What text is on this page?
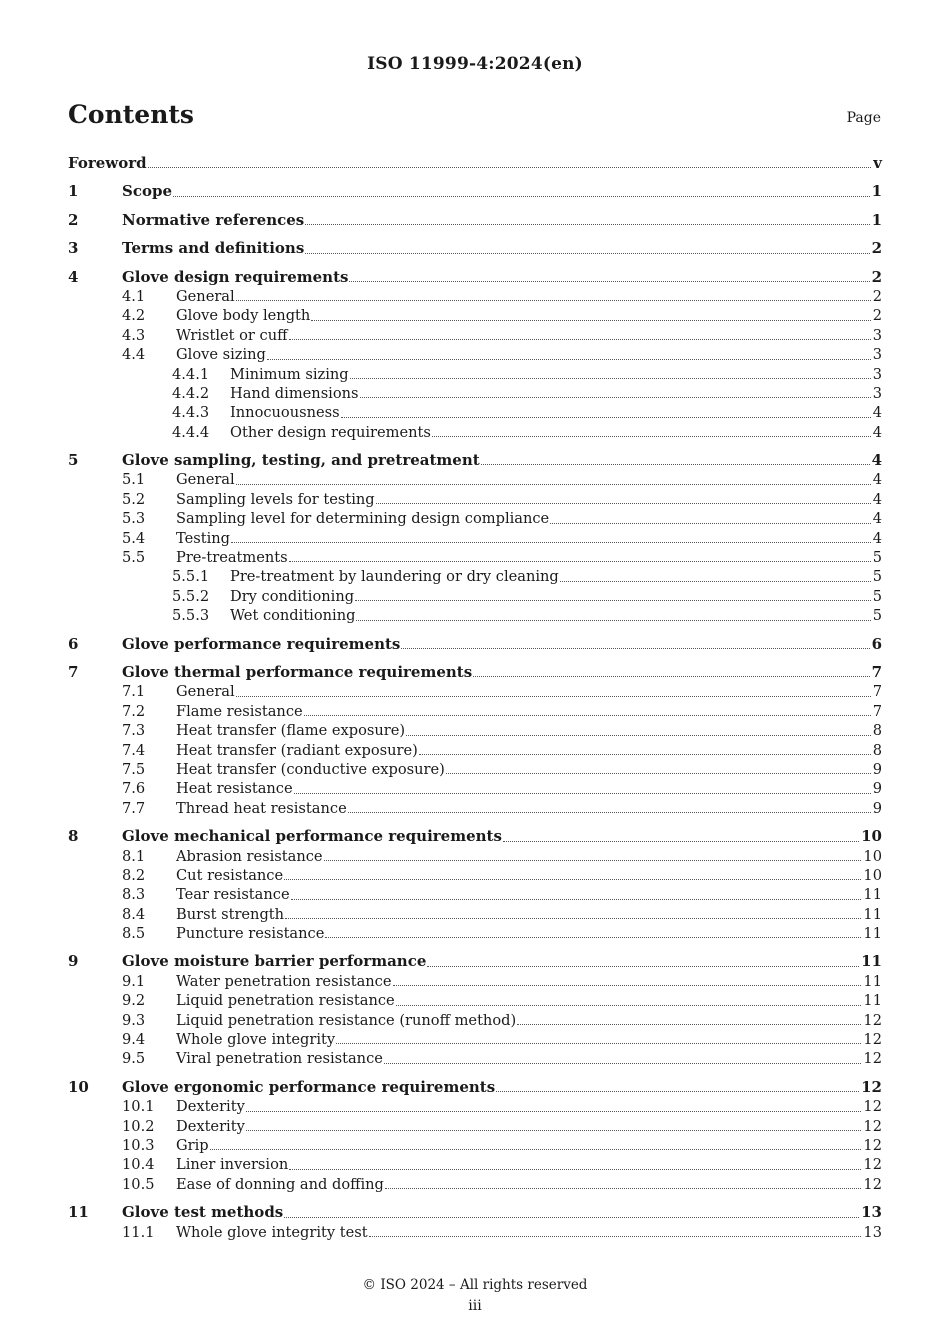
ISO 11999-4:2024(en)
Contents	Page
Foreword	v
1	Scope	1
2	Normative references	1
3	Terms and definitions	2
4	Glove design requirements	2
4.1 General	2
4.2 Glove body length	2
4.3 Wristlet or cuff	3
4.4 Glove sizing	3
4.4.1 Minimum sizing	3
4.4.2 Hand dimensions	3
4.4.3 Innocuousness	4
4.4.4 Other design requirements	4
5	Glove sampling, testing, and pretreatment	4
5.1 General	4
5.2 Sampling levels for testing	4
5.3 Sampling level for determining design compliance	4
5.4 Testing	4
5.5 Pre-treatments	5
5.5.1 Pre-treatment by laundering or dry cleaning	5
5.5.2 Dry conditioning	5
5.5.3 Wet conditioning	5
6	Glove performance requirements	6
7	Glove thermal performance requirements	7
7.1 General	7
7.2 Flame resistance	7
7.3 Heat transfer (flame exposure)	8
7.4 Heat transfer (radiant exposure)	8
7.5 Heat transfer (conductive exposure)	9
7.6 Heat resistance	9
7.7 Thread heat resistance	9
8	Glove mechanical performance requirements	10
8.1 Abrasion resistance	10
8.2 Cut resistance	10
8.3 Tear resistance	11
8.4 Burst strength	11
8.5 Puncture resistance	11
9	Glove moisture barrier performance	11
9.1 Water penetration resistance	11
9.2 Liquid penetration resistance	11
9.3 Liquid penetration resistance (runoff method)	12
9.4 Whole glove integrity	12
9.5 Viral penetration resistance	12
10 Glove ergonomic performance requirements	12
10.1 Dexterity	12
10.2 Dexterity	12
10.3 Grip	12
10.4 Liner inversion	12
10.5 Ease of donning and doffing	12
11 Glove test methods	13
11.1 Whole glove integrity test	13
© ISO 2024 – All rights reserved
iii
